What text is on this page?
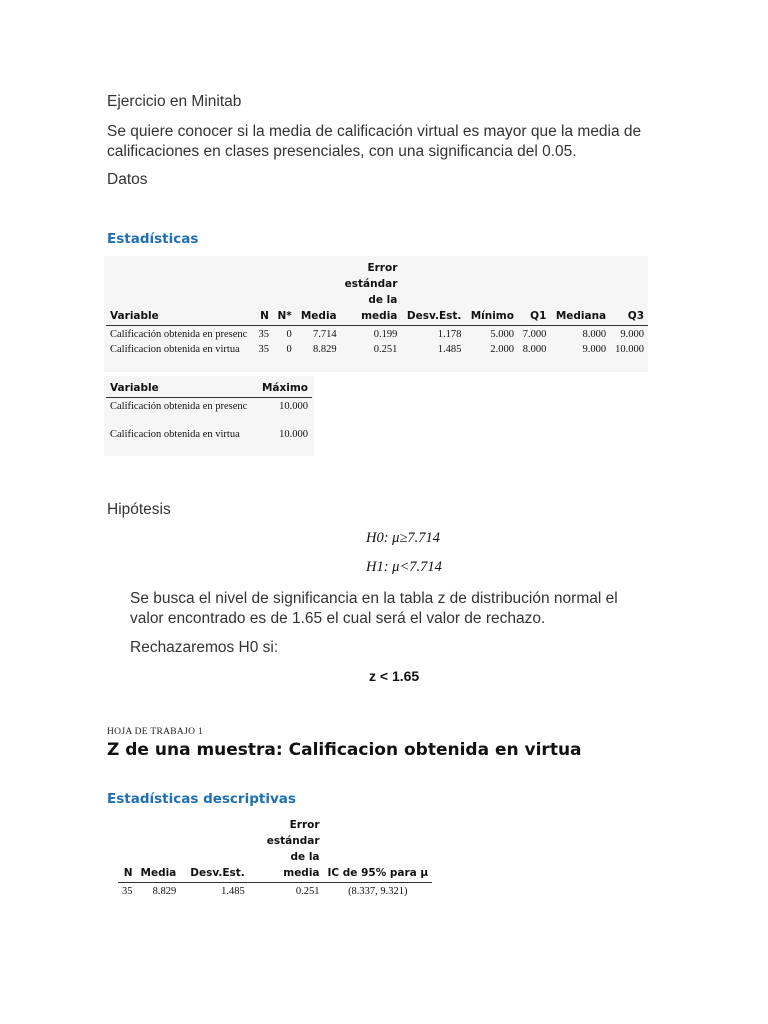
Ejercicio en Minitab
Se quiere conocer si la media de calificación virtual es mayor que la media de calificaciones en clases presenciales, con una significancia del 0.05.
Datos
Estadísticas
Variable	N	N*	Media	Error estándar de la media	Desv.Est.	Mínimo	Q1	Mediana	Q3
Calificación obtenida en presenc	35	0	7.714	0.199	1.178	5.000	7.000	8.000	9.000
Calificacion obtenida en virtua	35	0	8.829	0.251	1.485	2.000	8.000	9.000	10.000
Variable	Máximo
Calificación obtenida en presenc	10.000
Calificacion obtenida en virtua	10.000
Hipótesis
H0: μ≥7.714
H1: μ<7.714
Se busca el nivel de significancia en la tabla z de distribución normal el valor encontrado es de 1.65 el cual será el valor de rechazo.
Rechazaremos H0 si:
z < 1.65
HOJA DE TRABAJO 1
Z de una muestra: Calificacion obtenida en virtua
Estadísticas descriptivas
N	Media	Desv.Est.	Error estándar de la media	IC de 95% para μ
35	8.829	1.485	0.251	(8.337, 9.321)
